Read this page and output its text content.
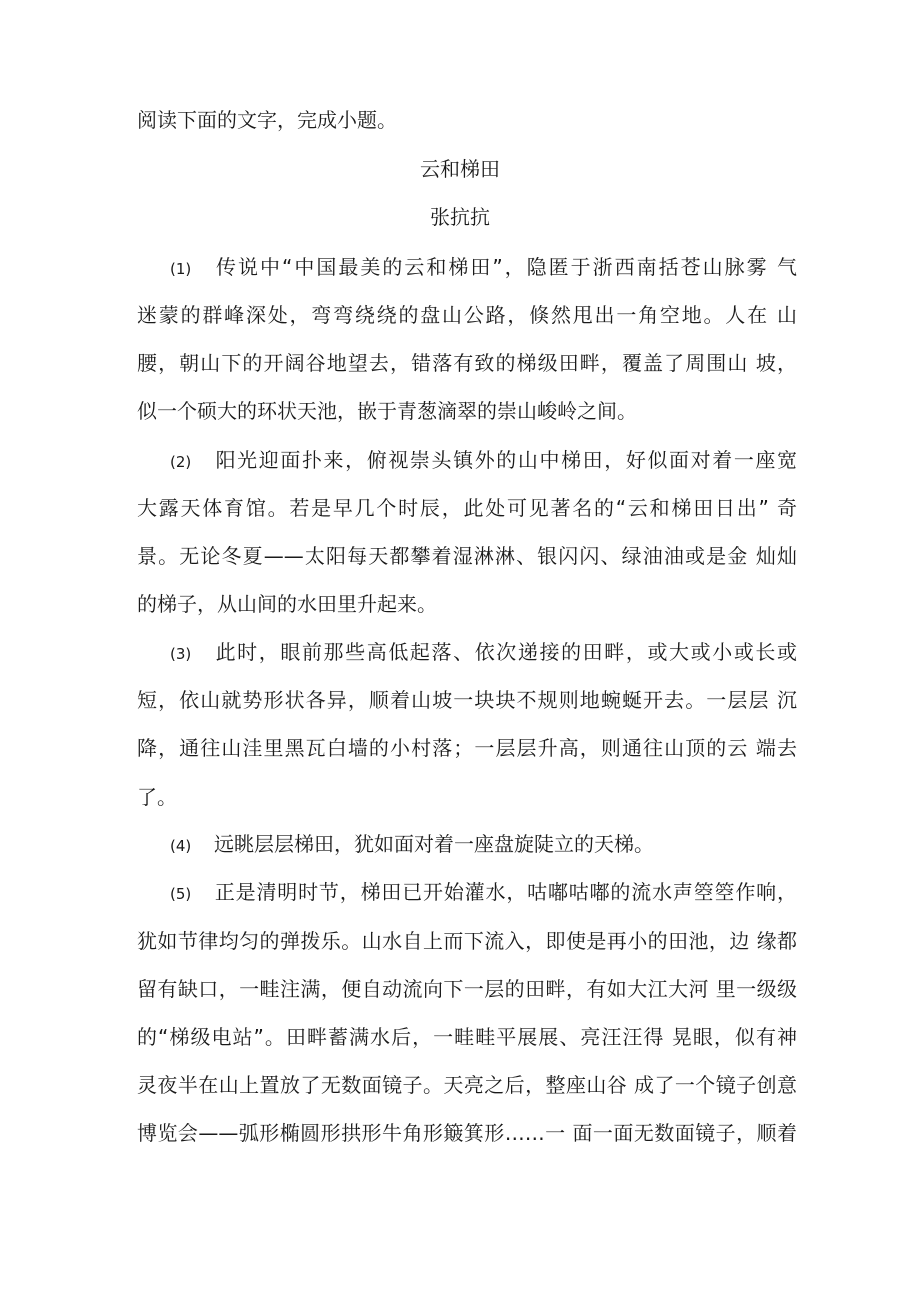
阅读下面的文字，完成小题。
云和梯田
张抗抗
(1) 传说中“中国最美的云和梯田”，隐匿于浙西南括苍山脉雾 气
迷蒙的群峰深处，弯弯绕绕的盘山公路，倏然甩出一角空地。人在 山
腰，朝山下的开阔谷地望去，错落有致的梯级田畔，覆盖了周围山 坡，
似一个硕大的环状天池，嵌于青葱滴翠的崇山峻岭之间。
(2) 阳光迎面扑来，俯视崇头镇外的山中梯田，好似面对着一座宽
大露天体育馆。若是早几个时辰，此处可见著名的“云和梯田日出” 奇
景。无论冬夏——太阳每天都攀着湿淋淋、银闪闪、绿油油或是金 灿灿
的梯子，从山间的水田里升起来。
(3) 此时，眼前那些高低起落、依次递接的田畔，或大或小或长或
短，依山就势形状各异，顺着山坡一块块不规则地蜿蜒开去。一层层 沉
降，通往山洼里黑瓦白墙的小村落；一层层升高，则通往山顶的云 端去
了。
(4) 远眺层层梯田，犹如面对着一座盘旋陡立的天梯。
(5) 正是清明时节，梯田已开始灌水，咕嘟咕嘟的流水声箜箜作响，
犹如节律均匀的弹拨乐。山水自上而下流入，即使是再小的田池，边 缘都
留有缺口，一畦注满，便自动流向下一层的田畔，有如大江大河 里一级级
的“梯级电站”。田畔蓄满水后，一畦畦平展展、亮汪汪得 晃眼，似有神
灵夜半在山上置放了无数面镜子。天亮之后，整座山谷 成了一个镜子创意
博览会——弧形椭圆形拱形牛角形簸箕形……一 面一面无数面镜子，顺着
